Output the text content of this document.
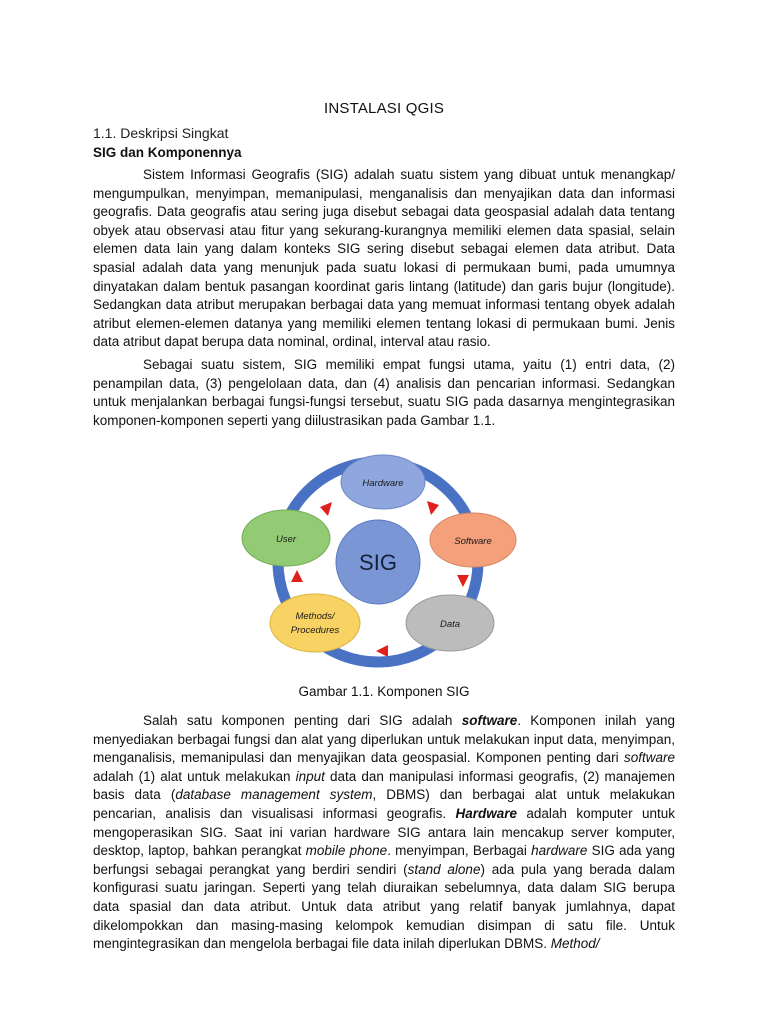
INSTALASI QGIS
1.1. Deskripsi Singkat
SIG dan Komponennya

Sistem Informasi Geografis (SIG) adalah suatu sistem yang dibuat untuk menangkap/ mengumpulkan, menyimpan, memanipulasi, menganalisis dan menyajikan data dan informasi geografis. Data geografis atau sering juga disebut sebagai data geospasial adalah data tentang obyek atau observasi atau fitur yang sekurang-kurangnya memiliki elemen data spasial, selain elemen data lain yang dalam konteks SIG sering disebut sebagai elemen data atribut. Data spasial adalah data yang menunjuk pada suatu lokasi di permukaan bumi, pada umumnya dinyatakan dalam bentuk pasangan koordinat garis lintang (latitude) dan garis bujur (longitude). Sedangkan data atribut merupakan berbagai data yang memuat informasi tentang obyek adalah atribut elemen-elemen datanya yang memiliki elemen tentang lokasi di permukaan bumi. Jenis data atribut dapat berupa data nominal, ordinal, interval atau rasio.

Sebagai suatu sistem, SIG memiliki empat fungsi utama, yaitu (1) entri data, (2) penampilan data, (3) pengelolaan data, dan (4) analisis dan pencarian informasi. Sedangkan untuk menjalankan berbagai fungsi-fungsi tersebut, suatu SIG pada dasarnya mengintegrasikan komponen-komponen seperti yang diilustrasikan pada Gambar 1.1.

SIG
Hardware
Software
Data
Methods/
Procedures
User
Gambar 1.1. Komponen SIG

Salah satu komponen penting dari SIG adalah software. Komponen inilah yang menyediakan berbagai fungsi dan alat yang diperlukan untuk melakukan input data, menyimpan, menganalisis, memanipulasi dan menyajikan data geospasial. Komponen penting dari software adalah (1) alat untuk melakukan input data dan manipulasi informasi geografis, (2) manajemen basis data (database management system, DBMS) dan berbagai alat untuk melakukan pencarian, analisis dan visualisasi informasi geografis. Hardware adalah komputer untuk mengoperasikan SIG. Saat ini varian hardware SIG antara lain mencakup server komputer, desktop, laptop, bahkan perangkat mobile phone. menyimpan, Berbagai hardware SIG ada yang berfungsi sebagai perangkat yang berdiri sendiri (stand alone) ada pula yang berada dalam konfigurasi suatu jaringan. Seperti yang telah diuraikan sebelumnya, data dalam SIG berupa data spasial dan data atribut. Untuk data atribut yang relatif banyak jumlahnya, dapat dikelompokkan dan masing-masing kelompok kemudian disimpan di satu file. Untuk mengintegrasikan dan mengelola berbagai file data inilah diperlukan DBMS. Method/
